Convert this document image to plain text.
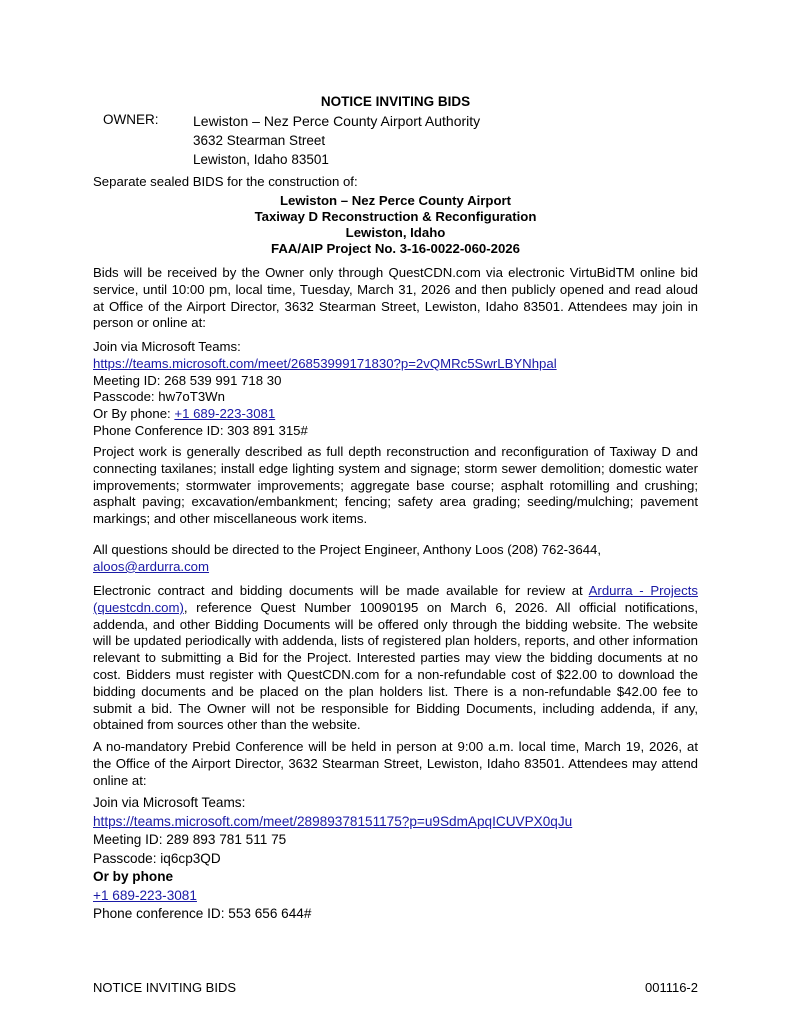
NOTICE INVITING BIDS
OWNER: Lewiston – Nez Perce County Airport Authority
3632 Stearman Street
Lewiston, Idaho 83501
Separate sealed BIDS for the construction of:
Lewiston – Nez Perce County Airport
Taxiway D Reconstruction & Reconfiguration
Lewiston, Idaho
FAA/AIP Project No. 3-16-0022-060-2026
Bids will be received by the Owner only through QuestCDN.com via electronic VirtuBidTM online bid service, until 10:00 pm, local time, Tuesday, March 31, 2026 and then publicly opened and read aloud at Office of the Airport Director, 3632 Stearman Street, Lewiston, Idaho 83501. Attendees may join in person or online at:
Join via Microsoft Teams:
https://teams.microsoft.com/meet/26853999171830?p=2vQMRc5SwrLBYNhpal
Meeting ID: 268 539 991 718 30
Passcode: hw7oT3Wn
Or By phone: +1 689-223-3081
Phone Conference ID: 303 891 315#
Project work is generally described as full depth reconstruction and reconfiguration of Taxiway D and connecting taxilanes; install edge lighting system and signage; storm sewer demolition; domestic water improvements; stormwater improvements; aggregate base course; asphalt rotomilling and crushing; asphalt paving; excavation/embankment; fencing; safety area grading; seeding/mulching; pavement markings; and other miscellaneous work items.
All questions should be directed to the Project Engineer, Anthony Loos (208) 762-3644,
aloos@ardurra.com
Electronic contract and bidding documents will be made available for review at Ardurra - Projects (questcdn.com), reference Quest Number 10090195 on March 6, 2026. All official notifications, addenda, and other Bidding Documents will be offered only through the bidding website. The website will be updated periodically with addenda, lists of registered plan holders, reports, and other information relevant to submitting a Bid for the Project. Interested parties may view the bidding documents at no cost. Bidders must register with QuestCDN.com for a non-refundable cost of $22.00 to download the bidding documents and be placed on the plan holders list. There is a non-refundable $42.00 fee to submit a bid. The Owner will not be responsible for Bidding Documents, including addenda, if any, obtained from sources other than the website.
A no-mandatory Prebid Conference will be held in person at 9:00 a.m. local time, March 19, 2026, at the Office of the Airport Director, 3632 Stearman Street, Lewiston, Idaho 83501. Attendees may attend online at:
Join via Microsoft Teams:
https://teams.microsoft.com/meet/28989378151175?p=u9SdmApqICUVPX0qJu
Meeting ID: 289 893 781 511 75
Passcode: iq6cp3QD
Or by phone
+1 689-223-3081
Phone conference ID: 553 656 644#
NOTICE INVITING BIDS	001116-2
